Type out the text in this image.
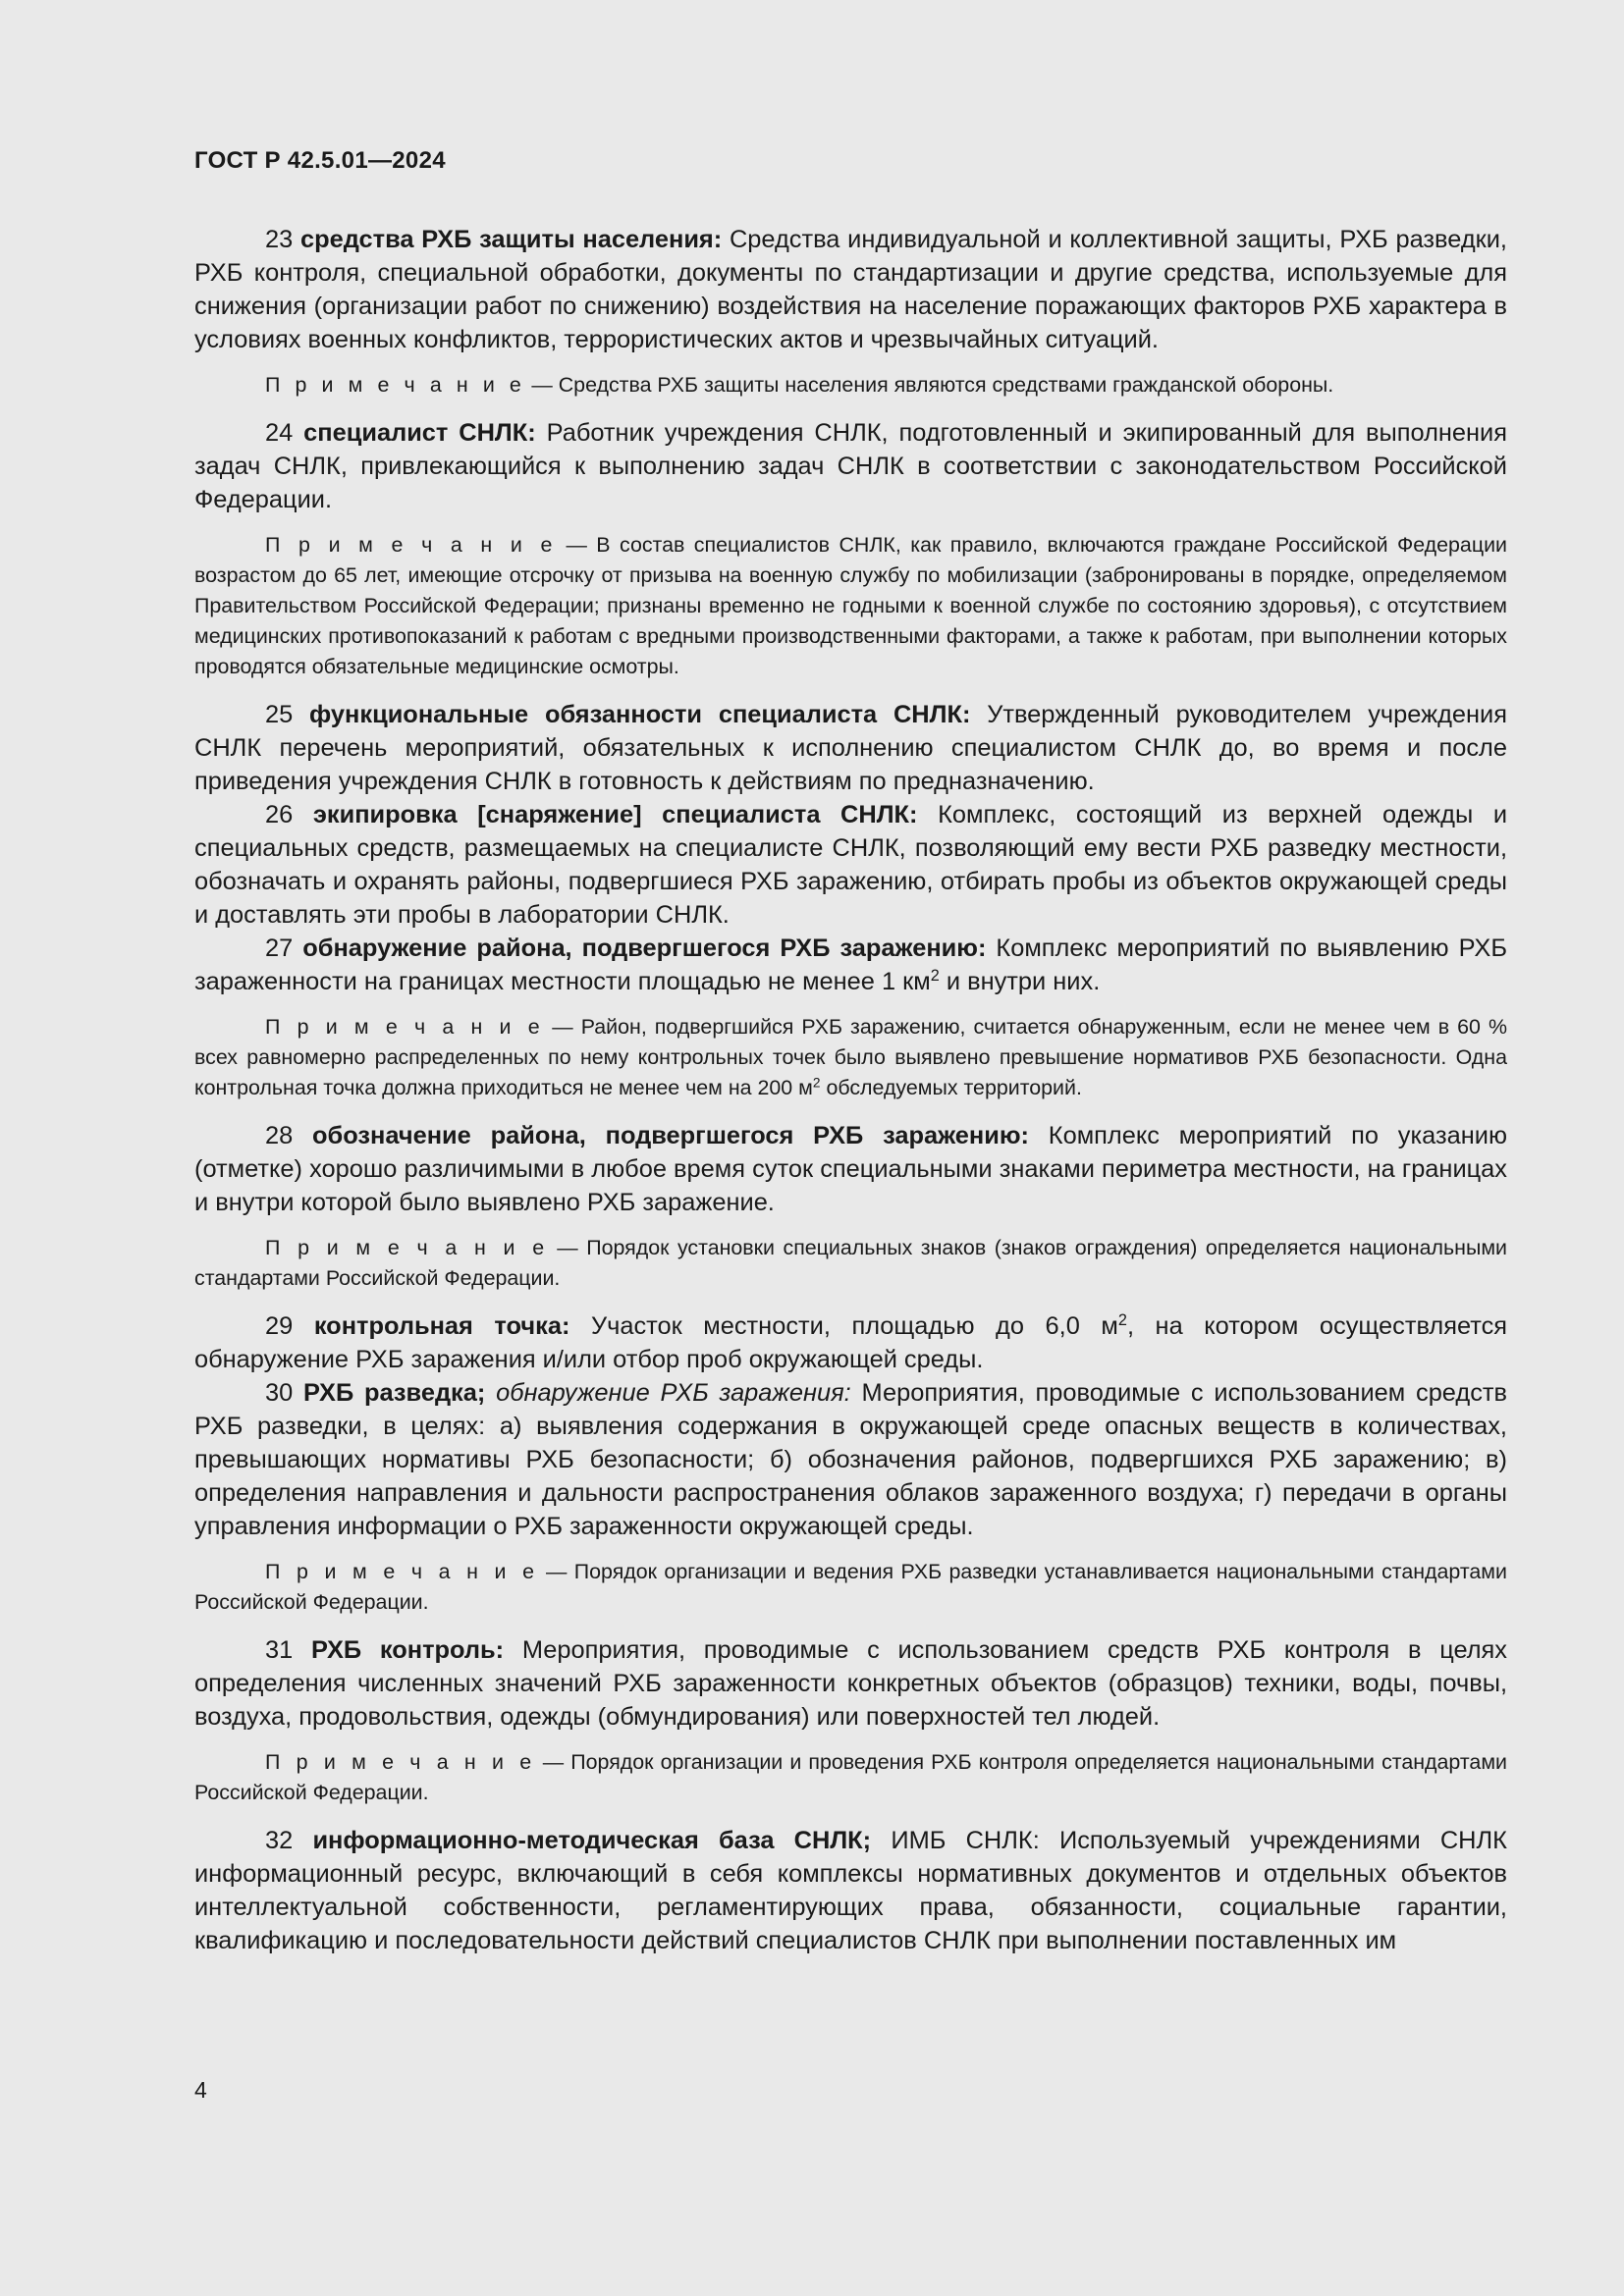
ГОСТ Р 42.5.01—2024

23 средства РХБ защиты населения: Средства индивидуальной и коллективной защиты, РХБ разведки, РХБ контроля, специальной обработки, документы по стандартизации и другие средства, используемые для снижения (организации работ по снижению) воздействия на население поражающих факторов РХБ характера в условиях военных конфликтов, террористических актов и чрезвычайных ситуаций.

П р и м е ч а н и е — Средства РХБ защиты населения являются средствами гражданской обороны.

24 специалист СНЛК: Работник учреждения СНЛК, подготовленный и экипированный для выполнения задач СНЛК, привлекающийся к выполнению задач СНЛК в соответствии с законодательством Российской Федерации.

П р и м е ч а н и е — В состав специалистов СНЛК, как правило, включаются граждане Российской Федерации возрастом до 65 лет, имеющие отсрочку от призыва на военную службу по мобилизации (забронированы в порядке, определяемом Правительством Российской Федерации; признаны временно не годными к военной службе по состоянию здоровья), с отсутствием медицинских противопоказаний к работам с вредными производственными факторами, а также к работам, при выполнении которых проводятся обязательные медицинские осмотры.

25 функциональные обязанности специалиста СНЛК: Утвержденный руководителем учреждения СНЛК перечень мероприятий, обязательных к исполнению специалистом СНЛК до, во время и после приведения учреждения СНЛК в готовность к действиям по предназначению.

26 экипировка [снаряжение] специалиста СНЛК: Комплекс, состоящий из верхней одежды и специальных средств, размещаемых на специалисте СНЛК, позволяющий ему вести РХБ разведку местности, обозначать и охранять районы, подвергшиеся РХБ заражению, отбирать пробы из объектов окружающей среды и доставлять эти пробы в лаборатории СНЛК.

27 обнаружение района, подвергшегося РХБ заражению: Комплекс мероприятий по выявлению РХБ зараженности на границах местности площадью не менее 1 $км^2$ и внутри них.

П р и м е ч а н и е — Район, подвергшийся РХБ заражению, считается обнаруженным, если не менее чем в 60 % всех равномерно распределенных по нему контрольных точек было выявлено превышение нормативов РХБ безопасности. Одна контрольная точка должна приходиться не менее чем на 200 $м^2$ обследуемых территорий.

28 обозначение района, подвергшегося РХБ заражению: Комплекс мероприятий по указанию (отметке) хорошо различимыми в любое время суток специальными знаками периметра местности, на границах и внутри которой было выявлено РХБ заражение.

П р и м е ч а н и е — Порядок установки специальных знаков (знаков ограждения) определяется национальными стандартами Российской Федерации.

29 контрольная точка: Участок местности, площадью до 6,0 $м^2$, на котором осуществляется обнаружение РХБ заражения и/или отбор проб окружающей среды.

30 РХБ разведка; обнаружение РХБ заражения: Мероприятия, проводимые с использованием средств РХБ разведки, в целях: а) выявления содержания в окружающей среде опасных веществ в количествах, превышающих нормативы РХБ безопасности; б) обозначения районов, подвергшихся РХБ заражению; в) определения направления и дальности распространения облаков зараженного воздуха; г) передачи в органы управления информации о РХБ зараженности окружающей среды.

П р и м е ч а н и е — Порядок организации и ведения РХБ разведки устанавливается национальными стандартами Российской Федерации.

31 РХБ контроль: Мероприятия, проводимые с использованием средств РХБ контроля в целях определения численных значений РХБ зараженности конкретных объектов (образцов) техники, воды, почвы, воздуха, продовольствия, одежды (обмундирования) или поверхностей тел людей.

П р и м е ч а н и е — Порядок организации и проведения РХБ контроля определяется национальными стандартами Российской Федерации.

32 информационно-методическая база СНЛК; ИМБ СНЛК: Используемый учреждениями СНЛК информационный ресурс, включающий в себя комплексы нормативных документов и отдельных объектов интеллектуальной собственности, регламентирующих права, обязанности, социальные гарантии, квалификацию и последовательности действий специалистов СНЛК при выполнении поставленных им

4
